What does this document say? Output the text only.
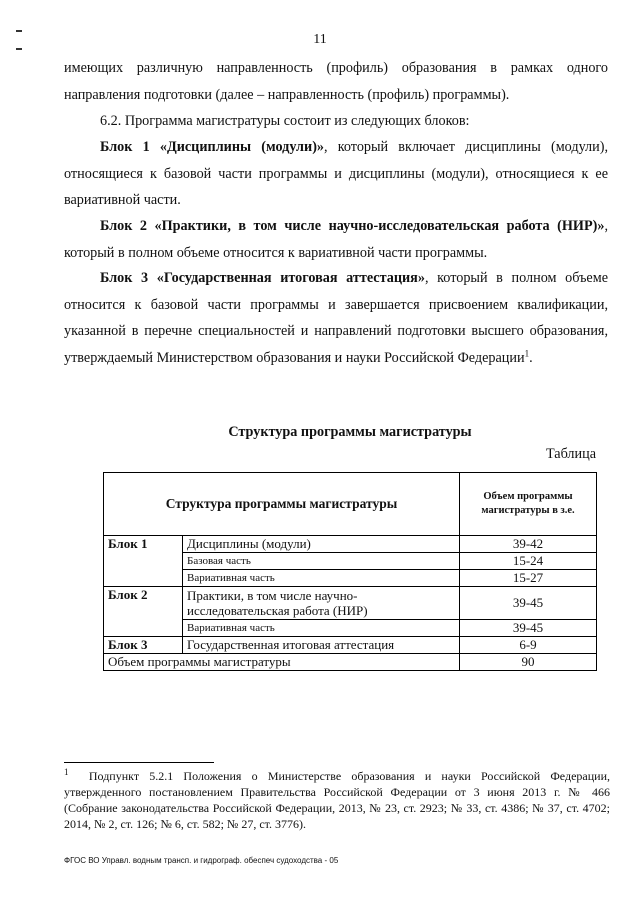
11
имеющих различную направленность (профиль) образования в рамках одного направления подготовки (далее – направленность (профиль) программы).
6.2. Программа магистратуры состоит из следующих блоков:
Блок 1 «Дисциплины (модули)», который включает дисциплины (модули), относящиеся к базовой части программы и дисциплины (модули), относящиеся к ее вариативной части.
Блок 2 «Практики, в том числе научно-исследовательская работа (НИР)», который в полном объеме относится к вариативной части программы.
Блок 3 «Государственная итоговая аттестация», который в полном объеме относится к базовой части программы и завершается присвоением квалификации, указанной в перечне специальностей и направлений подготовки высшего образования, утверждаемый Министерством образования и науки Российской Федерации$^1$.
Структура программы магистратуры
Таблица
Структура программы магистратуры		Объем программы магистратуры в з.е.
Блок 1	Дисциплины (модули)	39-42
	Базовая часть	15-24
	Вариативная часть	15-27
Блок 2	Практики, в том числе научно-исследовательская работа (НИР)	39-45
	Вариативная часть	39-45
Блок 3	Государственная итоговая аттестация	6-9
Объем программы магистратуры		90
$^1$ Подпункт 5.2.1 Положения о Министерстве образования и науки Российской Федерации, утвержденного постановлением Правительства Российской Федерации от 3 июня 2013 г. № 466 (Собрание законодательства Российской Федерации, 2013, № 23, ст. 2923; № 33, ст. 4386; № 37, ст. 4702; 2014, № 2, ст. 126; № 6, ст. 582; № 27, ст. 3776).
ФГОС ВО Управл. водным трансп. и гидрограф. обеспеч судоходства - 05
